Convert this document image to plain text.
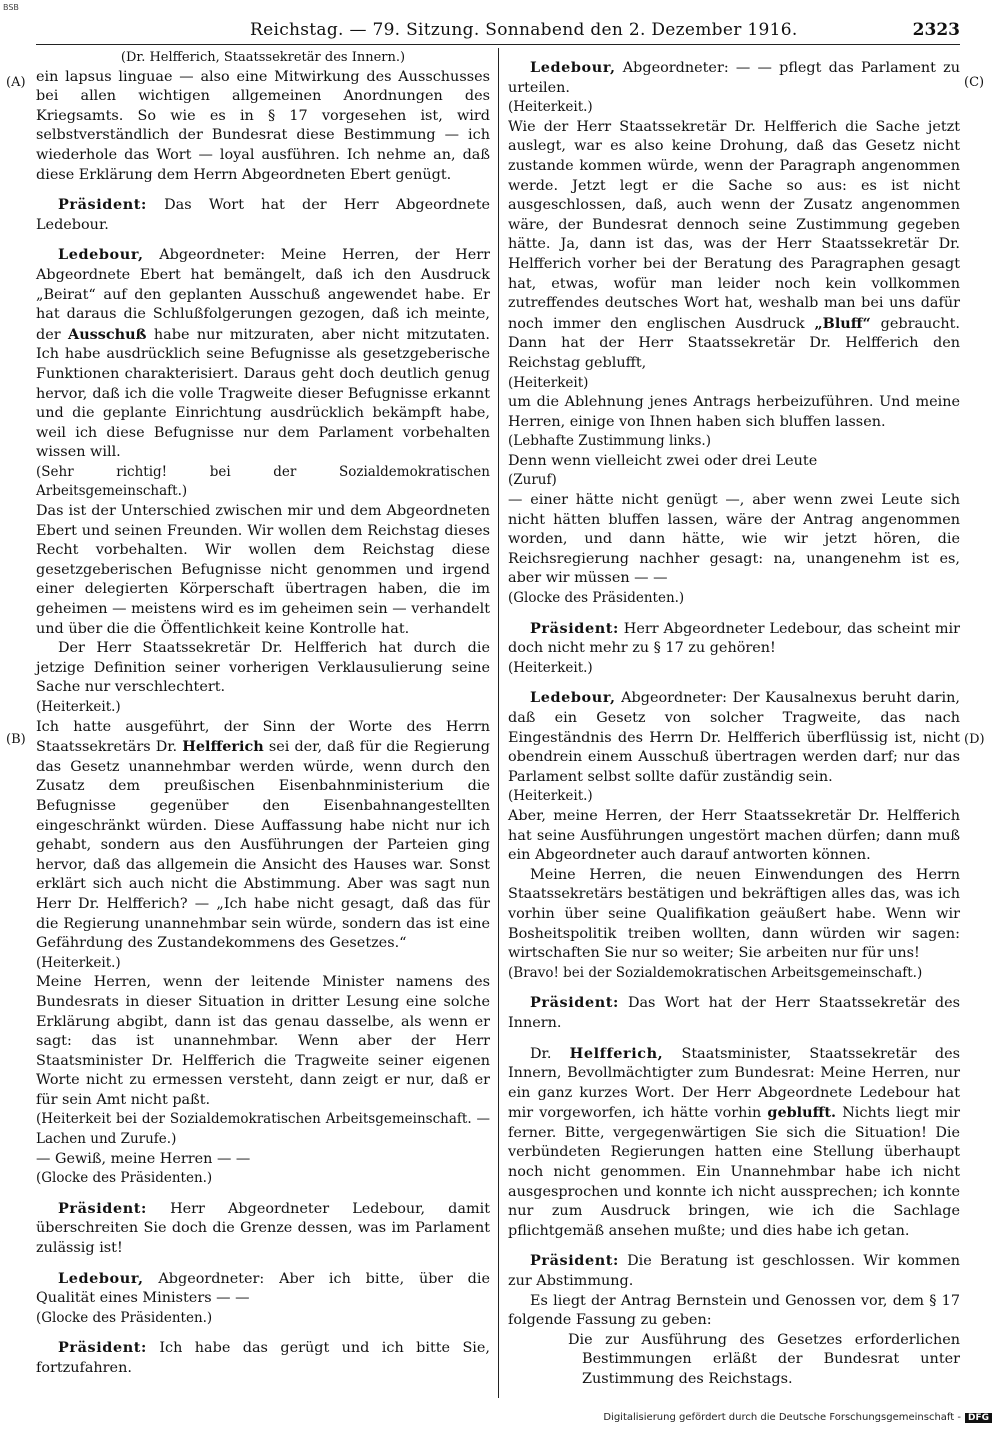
BSB
Reichstag. — 79. Sitzung. Sonnabend den 2. Dezember 1916.	2323
(A)
(B)
(C)
(D)

(Dr. Helfferich, Staatssekretär des Innern.)

ein lapsus linguae — also eine Mitwirkung des Ausschusses bei allen wichtigen allgemeinen Anordnungen des Kriegsamts. So wie es in § 17 vorgesehen ist, wird selbstverständlich der Bundesrat diese Bestimmung — ich wiederhole das Wort — loyal ausführen. Ich nehme an, daß diese Erklärung dem Herrn Abgeordneten Ebert genügt.

Präsident: Das Wort hat der Herr Abgeordnete Ledebour.

Ledebour, Abgeordneter: Meine Herren, der Herr Abgeordnete Ebert hat bemängelt, daß ich den Ausdruck „Beirat“ auf den geplanten Ausschuß angewendet habe. Er hat daraus die Schlußfolgerungen gezogen, daß ich meinte, der Ausschuß habe nur mitzuraten, aber nicht mitzutaten. Ich habe ausdrücklich seine Befugnisse als gesetzgeberische Funktionen charakterisiert. Daraus geht doch deutlich genug hervor, daß ich die volle Tragweite dieser Befugnisse erkannt und die geplante Einrichtung ausdrücklich bekämpft habe, weil ich diese Befugnisse nur dem Parlament vorbehalten wissen will.

(Sehr richtig! bei der Sozialdemokratischen Arbeitsgemeinschaft.)

Das ist der Unterschied zwischen mir und dem Abgeordneten Ebert und seinen Freunden. Wir wollen dem Reichstag dieses Recht vorbehalten. Wir wollen dem Reichstag diese gesetzgeberischen Befugnisse nicht genommen und irgend einer delegierten Körperschaft übertragen haben, die im geheimen — meistens wird es im geheimen sein — verhandelt und über die die Öffentlichkeit keine Kontrolle hat.

Der Herr Staatssekretär Dr. Helfferich hat durch die jetzige Definition seiner vorherigen Verklausulierung seine Sache nur verschlechtert.

(Heiterkeit.)

Ich hatte ausgeführt, der Sinn der Worte des Herrn Staatssekretärs Dr. Helfferich sei der, daß für die Regierung das Gesetz unannehmbar werden würde, wenn durch den Zusatz dem preußischen Eisenbahnministerium die Befugnisse gegenüber den Eisenbahnangestellten eingeschränkt würden. Diese Auffassung habe nicht nur ich gehabt, sondern aus den Ausführungen der Parteien ging hervor, daß das allgemein die Ansicht des Hauses war. Sonst erklärt sich auch nicht die Abstimmung. Aber was sagt nun Herr Dr. Helfferich? — „Ich habe nicht gesagt, daß das für die Regierung unannehmbar sein würde, sondern das ist eine Gefährdung des Zustandekommens des Gesetzes.“

(Heiterkeit.)

Meine Herren, wenn der leitende Minister namens des Bundesrats in dieser Situation in dritter Lesung eine solche Erklärung abgibt, dann ist das genau dasselbe, als wenn er sagt: das ist unannehmbar. Wenn aber der Herr Staatsminister Dr. Helfferich die Tragweite seiner eigenen Worte nicht zu ermessen versteht, dann zeigt er nur, daß er für sein Amt nicht paßt.

(Heiterkeit bei der Sozialdemokratischen Arbeitsgemeinschaft. — Lachen und Zurufe.)

— Gewiß, meine Herren — —

(Glocke des Präsidenten.)

Präsident: Herr Abgeordneter Ledebour, damit überschreiten Sie doch die Grenze dessen, was im Parlament zulässig ist!

Ledebour, Abgeordneter: Aber ich bitte, über die Qualität eines Ministers — —

(Glocke des Präsidenten.)

Präsident: Ich habe das gerügt und ich bitte Sie, fortzufahren.

Ledebour, Abgeordneter: — — pflegt das Parlament zu urteilen.

(Heiterkeit.)

Wie der Herr Staatssekretär Dr. Helfferich die Sache jetzt auslegt, war es also keine Drohung, daß das Gesetz nicht zustande kommen würde, wenn der Paragraph angenommen werde. Jetzt legt er die Sache so aus: es ist nicht ausgeschlossen, daß, auch wenn der Zusatz angenommen wäre, der Bundesrat dennoch seine Zustimmung gegeben hätte. Ja, dann ist das, was der Herr Staatssekretär Dr. Helfferich vorher bei der Beratung des Paragraphen gesagt hat, etwas, wofür man leider noch kein vollkommen zutreffendes deutsches Wort hat, weshalb man bei uns dafür noch immer den englischen Ausdruck „Bluff“ gebraucht. Dann hat der Herr Staatssekretär Dr. Helfferich den Reichstag geblufft,

(Heiterkeit)

um die Ablehnung jenes Antrags herbeizuführen. Und meine Herren, einige von Ihnen haben sich bluffen lassen.

(Lebhafte Zustimmung links.)

Denn wenn vielleicht zwei oder drei Leute

(Zuruf)

— einer hätte nicht genügt —, aber wenn zwei Leute sich nicht hätten bluffen lassen, wäre der Antrag angenommen worden, und dann hätte, wie wir jetzt hören, die Reichsregierung nachher gesagt: na, unangenehm ist es, aber wir müssen — —

(Glocke des Präsidenten.)

Präsident: Herr Abgeordneter Ledebour, das scheint mir doch nicht mehr zu § 17 zu gehören!

(Heiterkeit.)

Ledebour, Abgeordneter: Der Kausalnexus beruht darin, daß ein Gesetz von solcher Tragweite, das nach Eingeständnis des Herrn Dr. Helfferich überflüssig ist, nicht obendrein einem Ausschuß übertragen werden darf; nur das Parlament selbst sollte dafür zuständig sein.

(Heiterkeit.)

Aber, meine Herren, der Herr Staatssekretär Dr. Helfferich hat seine Ausführungen ungestört machen dürfen; dann muß ein Abgeordneter auch darauf antworten können.

Meine Herren, die neuen Einwendungen des Herrn Staatssekretärs bestätigen und bekräftigen alles das, was ich vorhin über seine Qualifikation geäußert habe. Wenn wir Bosheitspolitik treiben wollten, dann würden wir sagen: wirtschaften Sie nur so weiter; Sie arbeiten nur für uns!

(Bravo! bei der Sozialdemokratischen Arbeitsgemeinschaft.)

Präsident: Das Wort hat der Herr Staatssekretär des Innern.

Dr. Helfferich, Staatsminister, Staatssekretär des Innern, Bevollmächtigter zum Bundesrat: Meine Herren, nur ein ganz kurzes Wort. Der Herr Abgeordnete Ledebour hat mir vorgeworfen, ich hätte vorhin geblufft. Nichts liegt mir ferner. Bitte, vergegenwärtigen Sie sich die Situation! Die verbündeten Regierungen hatten eine Stellung überhaupt noch nicht genommen. Ein Unannehmbar habe ich nicht ausgesprochen und konnte ich nicht aussprechen; ich konnte nur zum Ausdruck bringen, wie ich die Sachlage pflichtgemäß ansehen mußte; und dies habe ich getan.

Präsident: Die Beratung ist geschlossen. Wir kommen zur Abstimmung.

Es liegt der Antrag Bernstein und Genossen vor, dem § 17 folgende Fassung zu geben:

Die zur Ausführung des Gesetzes erforderlichen Bestimmungen erläßt der Bundesrat unter Zustimmung des Reichstags.

Digitalisierung gefördert durch die Deutsche Forschungsgemeinschaft - DFG
